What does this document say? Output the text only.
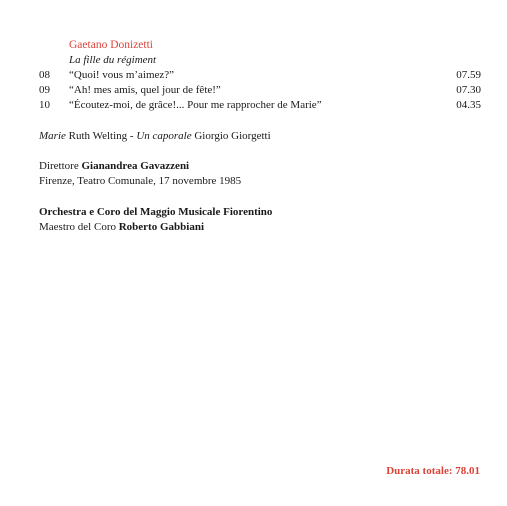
Gaetano Donizetti
La fille du régiment
08 “Quoi! vous m’aimez?”	07.59
09 “Ah! mes amis, quel jour de fête!”	07.30
10 “Écoutez-moi, de grâce!... Pour me rapprocher de Marie”	04.35
Marie Ruth Welting - Un caporale Giorgio Giorgetti
Direttore Gianandrea Gavazzeni
Firenze, Teatro Comunale, 17 novembre 1985
Orchestra e Coro del Maggio Musicale Fiorentino
Maestro del Coro Roberto Gabbiani
Durata totale: 78.01
